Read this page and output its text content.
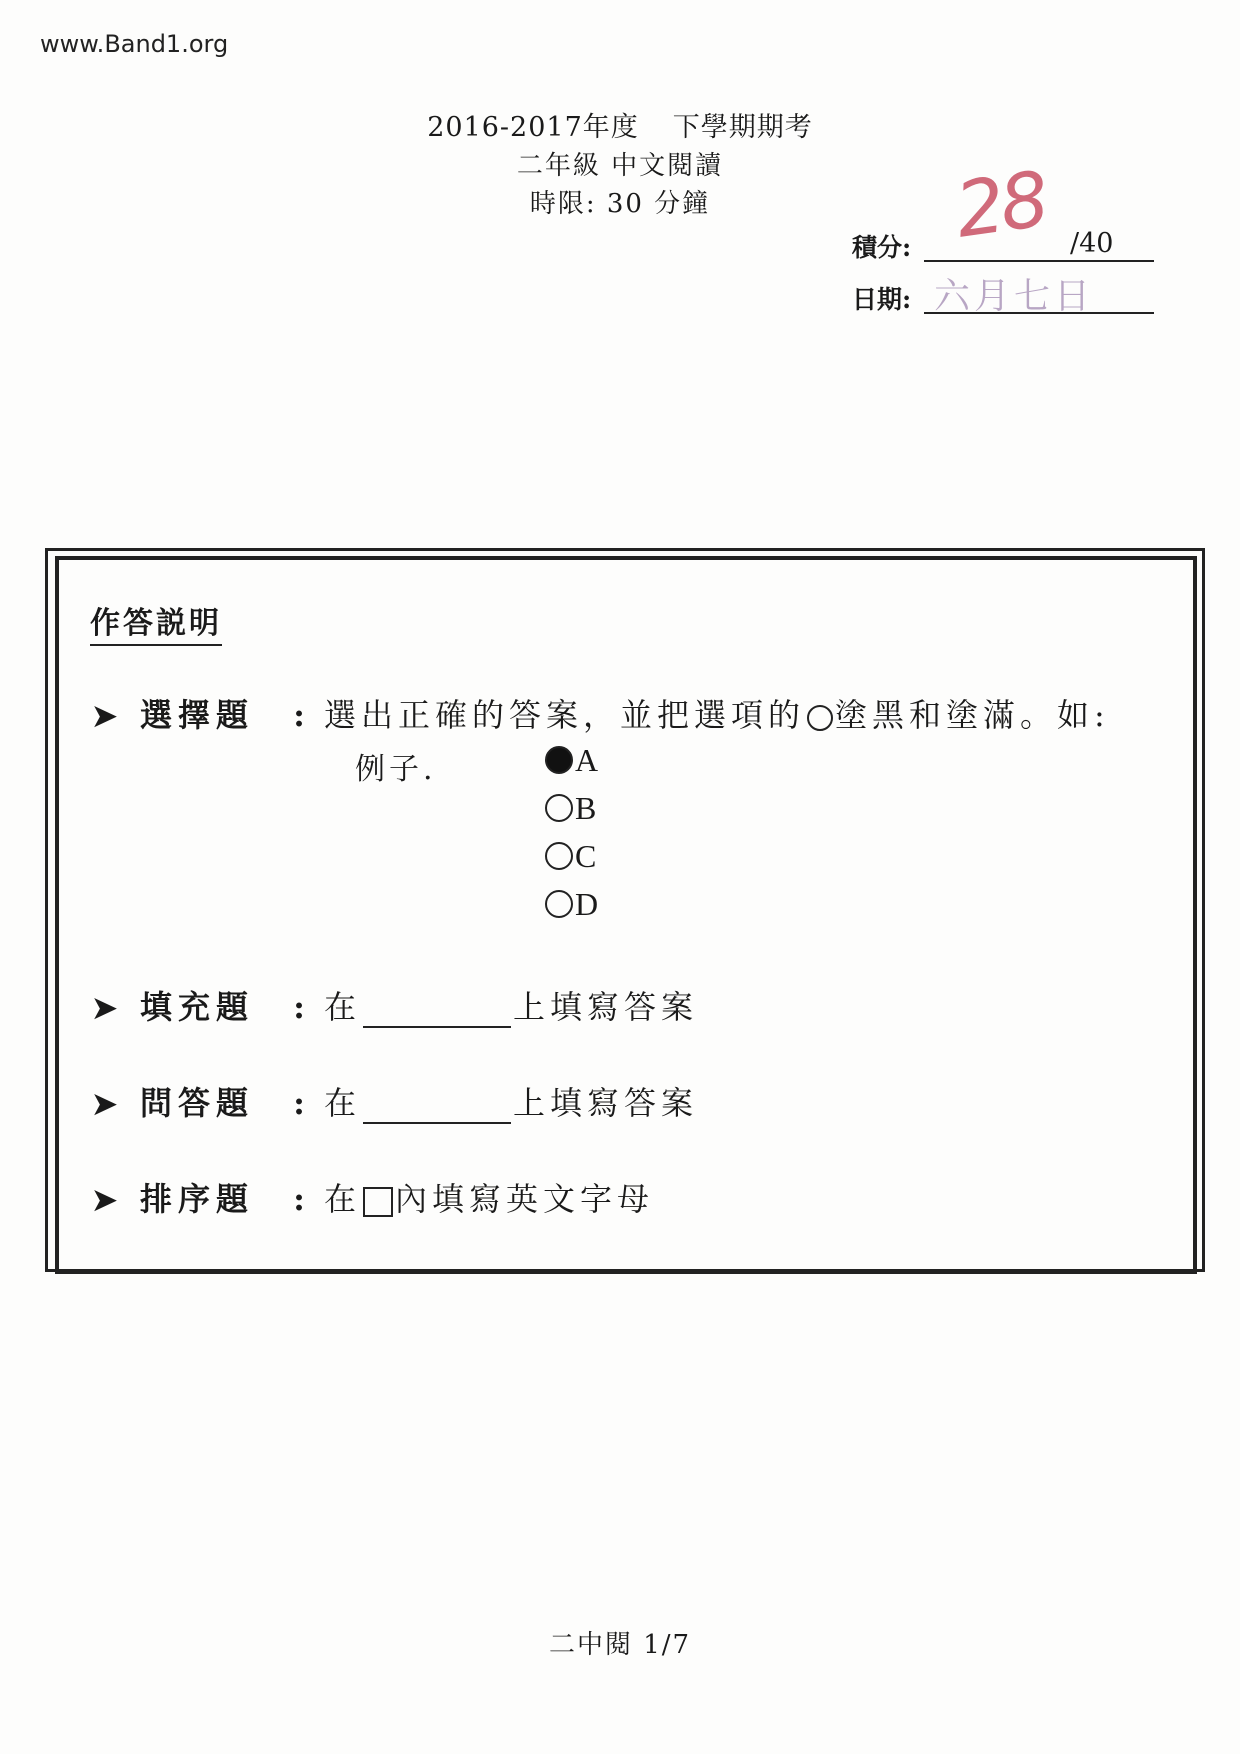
www.Band1.org
2016-2017年度 下學期期考
二年級 中文閱讀
時限: 30 分鐘
積分: 28 /40
日期: 六月七日
作答説明
➤ 選擇題 : 選出正確的答案，並把選項的 塗黑和塗滿。如:
例子.	A
B
C
D
➤ 填充題 : 在	上填寫答案
➤ 問答題 : 在	上填寫答案
➤ 排序題 : 在 內填寫英文字母
二中閱 1/7
